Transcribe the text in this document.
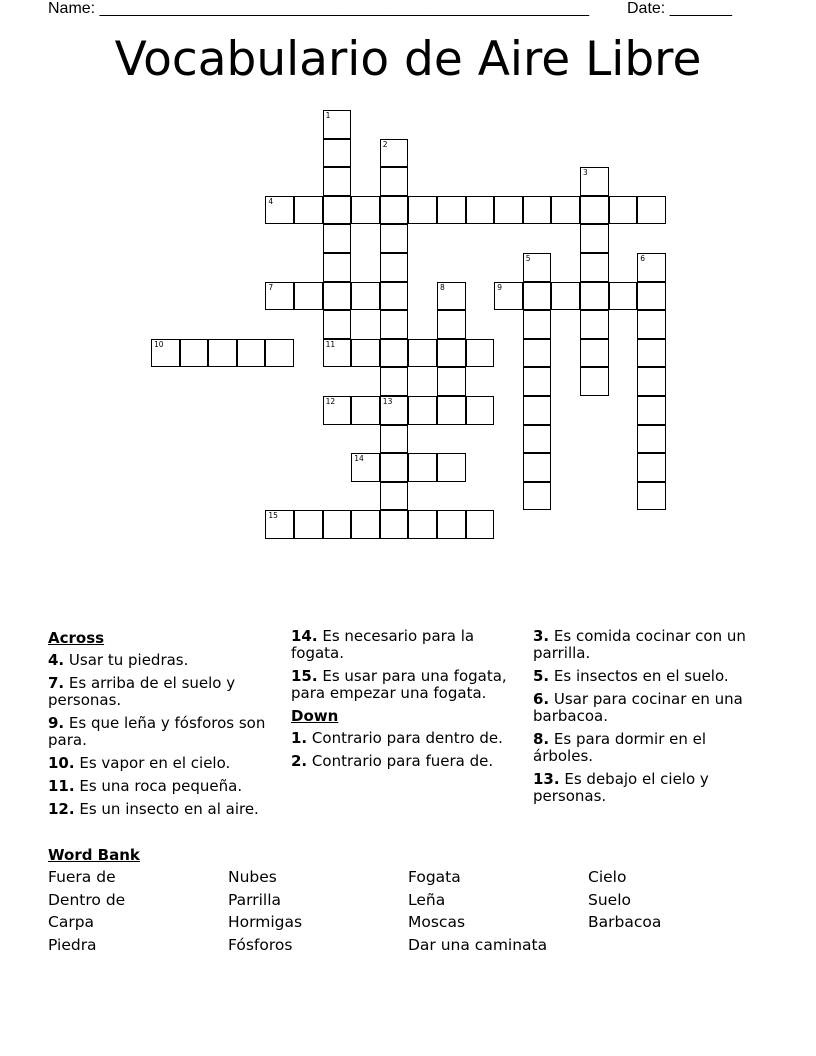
Name: _______________________________________________________ Date: _______
Vocabulario de Aire Libre
1
2
3
4
5	6
7	8	9
10	11
12	13
14
15
Across
4. Usar tu piedras.
7. Es arriba de el suelo y personas.
9. Es que leña y fósforos son para.
10. Es vapor en el cielo.
11. Es una roca pequeña.
12. Es un insecto en al aire.
14. Es necesario para la fogata.
15. Es usar para una fogata, para empezar una fogata.
Down
1. Contrario para dentro de.
2. Contrario para fuera de.
3. Es comida cocinar con un parrilla.
5. Es insectos en el suelo.
6. Usar para cocinar en una barbacoa.
8. Es para dormir en el árboles.
13. Es debajo el cielo y personas.
Word Bank
Fuera de
Dentro de
Carpa
Piedra
Nubes
Parrilla
Hormigas
Fósforos
Fogata
Leña
Moscas
Dar una caminata
Cielo
Suelo
Barbacoa
